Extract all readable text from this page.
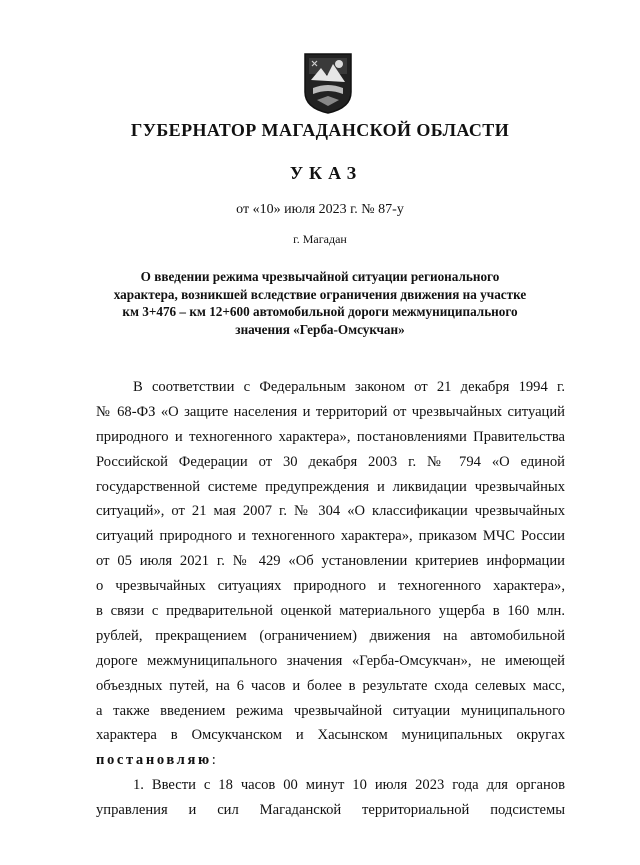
ГУБЕРНАТОР МАГАДАНСКОЙ ОБЛАСТИ
УКАЗ
от «10» июля 2023 г. № 87-у
г. Магадан
О введении режима чрезвычайной ситуации регионального
характера, возникшей вследствие ограничения движения на участке
км 3+476 – км 12+600 автомобильной дороги межмуниципального
значения «Герба-Омсукчан»
В соответствии с Федеральным законом от 21 декабря 1994 г.
№ 68-ФЗ «О защите населения и территорий от чрезвычайных ситуаций
природного и техногенного характера», постановлениями Правительства
Российской Федерации от 30 декабря 2003 г. № 794 «О единой
государственной системе предупреждения и ликвидации чрезвычайных
ситуаций», от 21 мая 2007 г. № 304 «О классификации чрезвычайных
ситуаций природного и техногенного характера», приказом МЧС России
от 05 июля 2021 г. № 429 «Об установлении критериев информации
о чрезвычайных ситуациях природного и техногенного характера»,
в связи с предварительной оценкой материального ущерба в 160 млн.
рублей, прекращением (ограничением) движения на автомобильной
дороге межмуниципального значения «Герба-Омсукчан», не имеющей
объездных путей, на 6 часов и более в результате схода селевых масс,
а также введением режима чрезвычайной ситуации муниципального
характера в Омсукчанском и Хасынском муниципальных округах
постановляю:
1. Ввести с 18 часов 00 минут 10 июля 2023 года для органов
управления и сил Магаданской территориальной подсистемы
